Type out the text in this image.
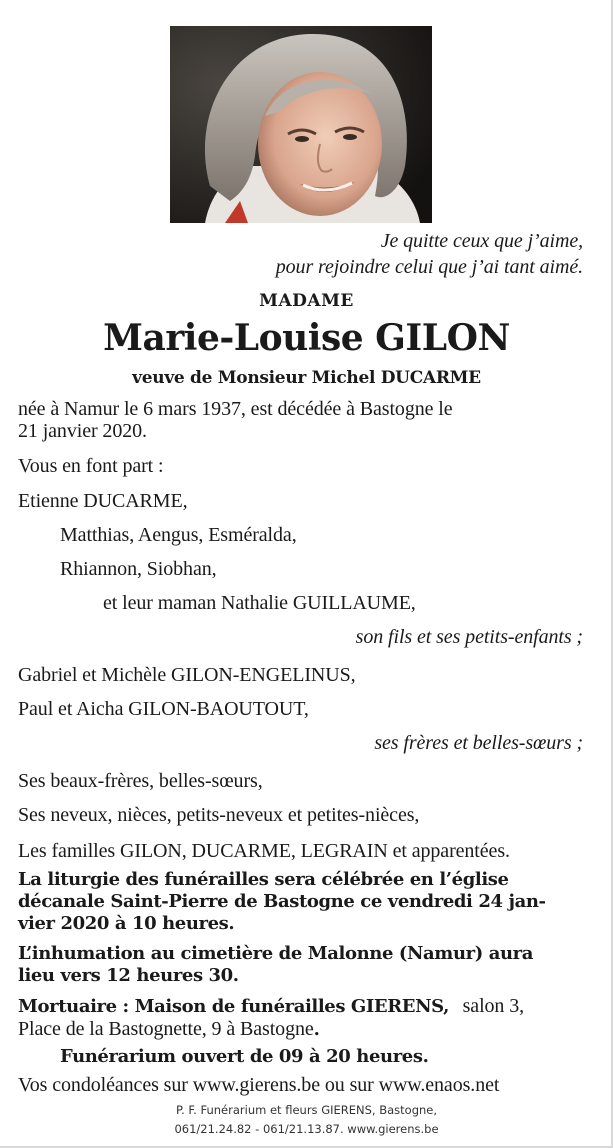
Je quitte ceux que j’aime,
pour rejoindre celui que j’ai tant aimé.
MADAME
Marie-Louise GILON
veuve de Monsieur Michel DUCARME
née à Namur le 6 mars 1937, est décédée à Bastogne le
21 janvier 2020.
Vous en font part :
Etienne DUCARME,
Matthias, Aengus, Esméralda,
Rhiannon, Siobhan,
et leur maman Nathalie GUILLAUME,
son fils et ses petits-enfants ;
Gabriel et Michèle GILON-ENGELINUS,
Paul et Aicha GILON-BAOUTOUT,
ses frères et belles-sœurs ;
Ses beaux-frères, belles-sœurs,
Ses neveux, nièces, petits-neveux et petites-nièces,
Les familles GILON, DUCARME, LEGRAIN et apparentées.
La liturgie des funérailles sera célébrée en l’église
décanale Saint-Pierre de Bastogne ce vendredi 24 jan-
vier 2020 à 10 heures.
L’inhumation au cimetière de Malonne (Namur) aura
lieu vers 12 heures 30.
Mortuaire : Maison de funérailles GIERENS, salon 3,
Place de la Bastognette, 9 à Bastogne.
Funérarium ouvert de 09 à 20 heures.
Vos condoléances sur www.gierens.be ou sur www.enaos.net
P. F. Funérarium et fleurs GIERENS, Bastogne,
061/21.24.82 - 061/21.13.87. www.gierens.be
